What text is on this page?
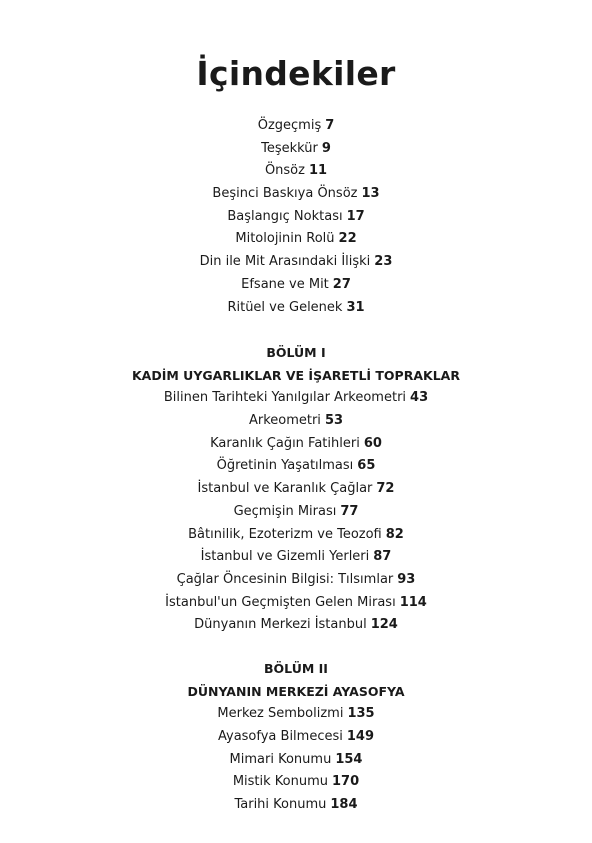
İçindekiler
Özgeçmiş 7
Teşekkür 9
Önsöz 11
Beşinci Baskıya Önsöz 13
Başlangıç Noktası 17
Mitolojinin Rolü 22
Din ile Mit Arasındaki İlişki 23
Efsane ve Mit 27
Ritüel ve Gelenek 31
BÖLÜM I
KADİM UYGARLIKLAR VE İŞARETLİ TOPRAKLAR
Bilinen Tarihteki Yanılgılar Arkeometri 43
Arkeometri 53
Karanlık Çağın Fatihleri 60
Öğretinin Yaşatılması 65
İstanbul ve Karanlık Çağlar 72
Geçmişin Mirası 77
Bâtınilik, Ezoterizm ve Teozofi 82
İstanbul ve Gizemli Yerleri 87
Çağlar Öncesinin Bilgisi: Tılsımlar 93
İstanbul'un Geçmişten Gelen Mirası 114
Dünyanın Merkezi İstanbul 124
BÖLÜM II
DÜNYANIN MERKEZİ AYASOFYA
Merkez Sembolizmi 135
Ayasofya Bilmecesi 149
Mimari Konumu 154
Mistik Konumu 170
Tarihi Konumu 184
